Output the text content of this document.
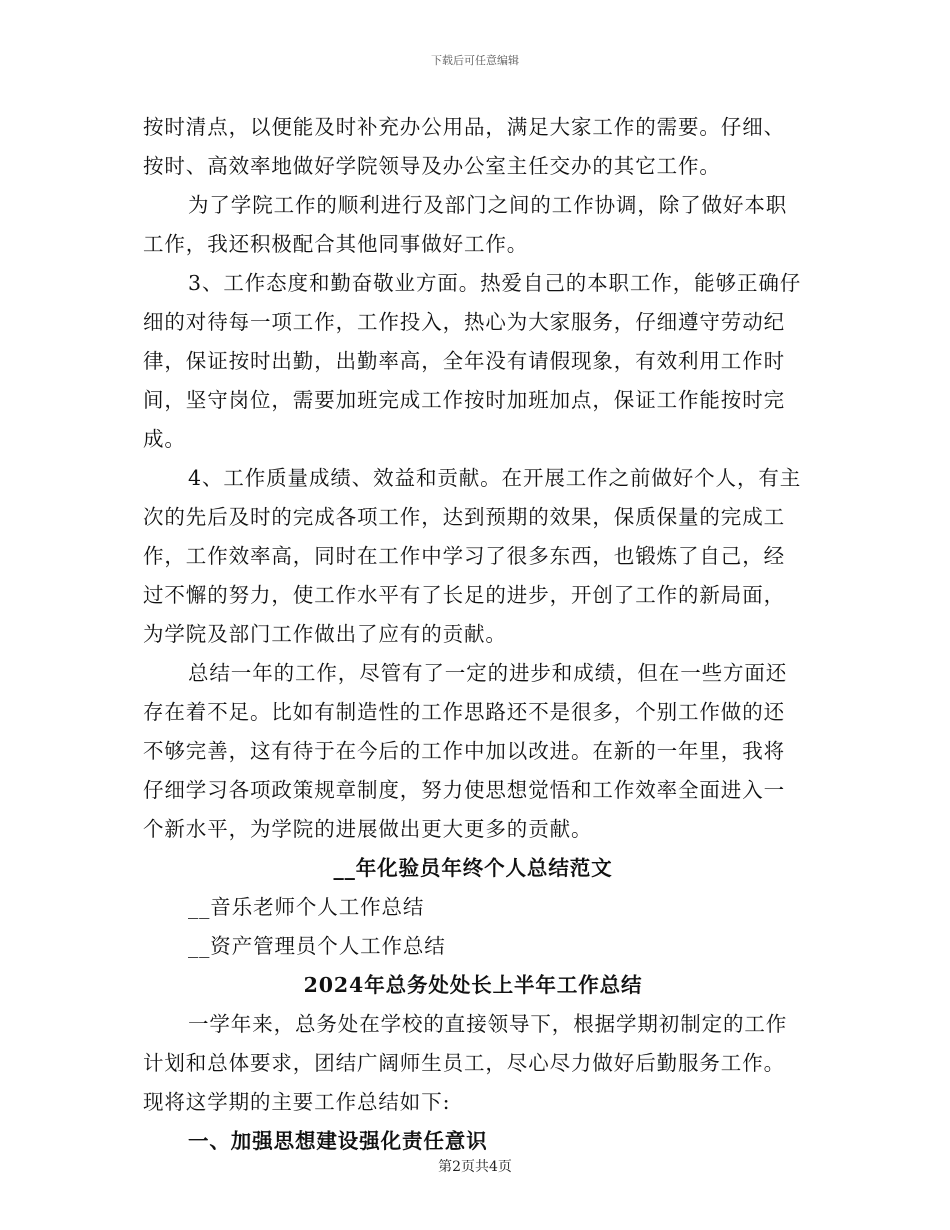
下载后可任意编辑

按时清点，以便能及时补充办公用品，满足大家工作的需要。仔细、按时、高效率地做好学院领导及办公室主任交办的其它工作。

为了学院工作的顺利进行及部门之间的工作协调，除了做好本职工作，我还积极配合其他同事做好工作。

3、工作态度和勤奋敬业方面。热爱自己的本职工作，能够正确仔细的对待每一项工作，工作投入，热心为大家服务，仔细遵守劳动纪律，保证按时出勤，出勤率高，全年没有请假现象，有效利用工作时间，坚守岗位，需要加班完成工作按时加班加点，保证工作能按时完成。

4、工作质量成绩、效益和贡献。在开展工作之前做好个人，有主次的先后及时的完成各项工作，达到预期的效果，保质保量的完成工作，工作效率高，同时在工作中学习了很多东西，也锻炼了自己，经过不懈的努力，使工作水平有了长足的进步，开创了工作的新局面，为学院及部门工作做出了应有的贡献。

总结一年的工作，尽管有了一定的进步和成绩，但在一些方面还存在着不足。比如有制造性的工作思路还不是很多，个别工作做的还不够完善，这有待于在今后的工作中加以改进。在新的一年里，我将仔细学习各项政策规章制度，努力使思想觉悟和工作效率全面进入一个新水平，为学院的进展做出更大更多的贡献。

__年化验员年终个人总结范文

__音乐老师个人工作总结

__资产管理员个人工作总结

2024年总务处处长上半年工作总结

一学年来，总务处在学校的直接领导下，根据学期初制定的工作计划和总体要求，团结广阔师生员工，尽心尽力做好后勤服务工作。现将这学期的主要工作总结如下:

一、加强思想建设强化责任意识

第2页共4页
